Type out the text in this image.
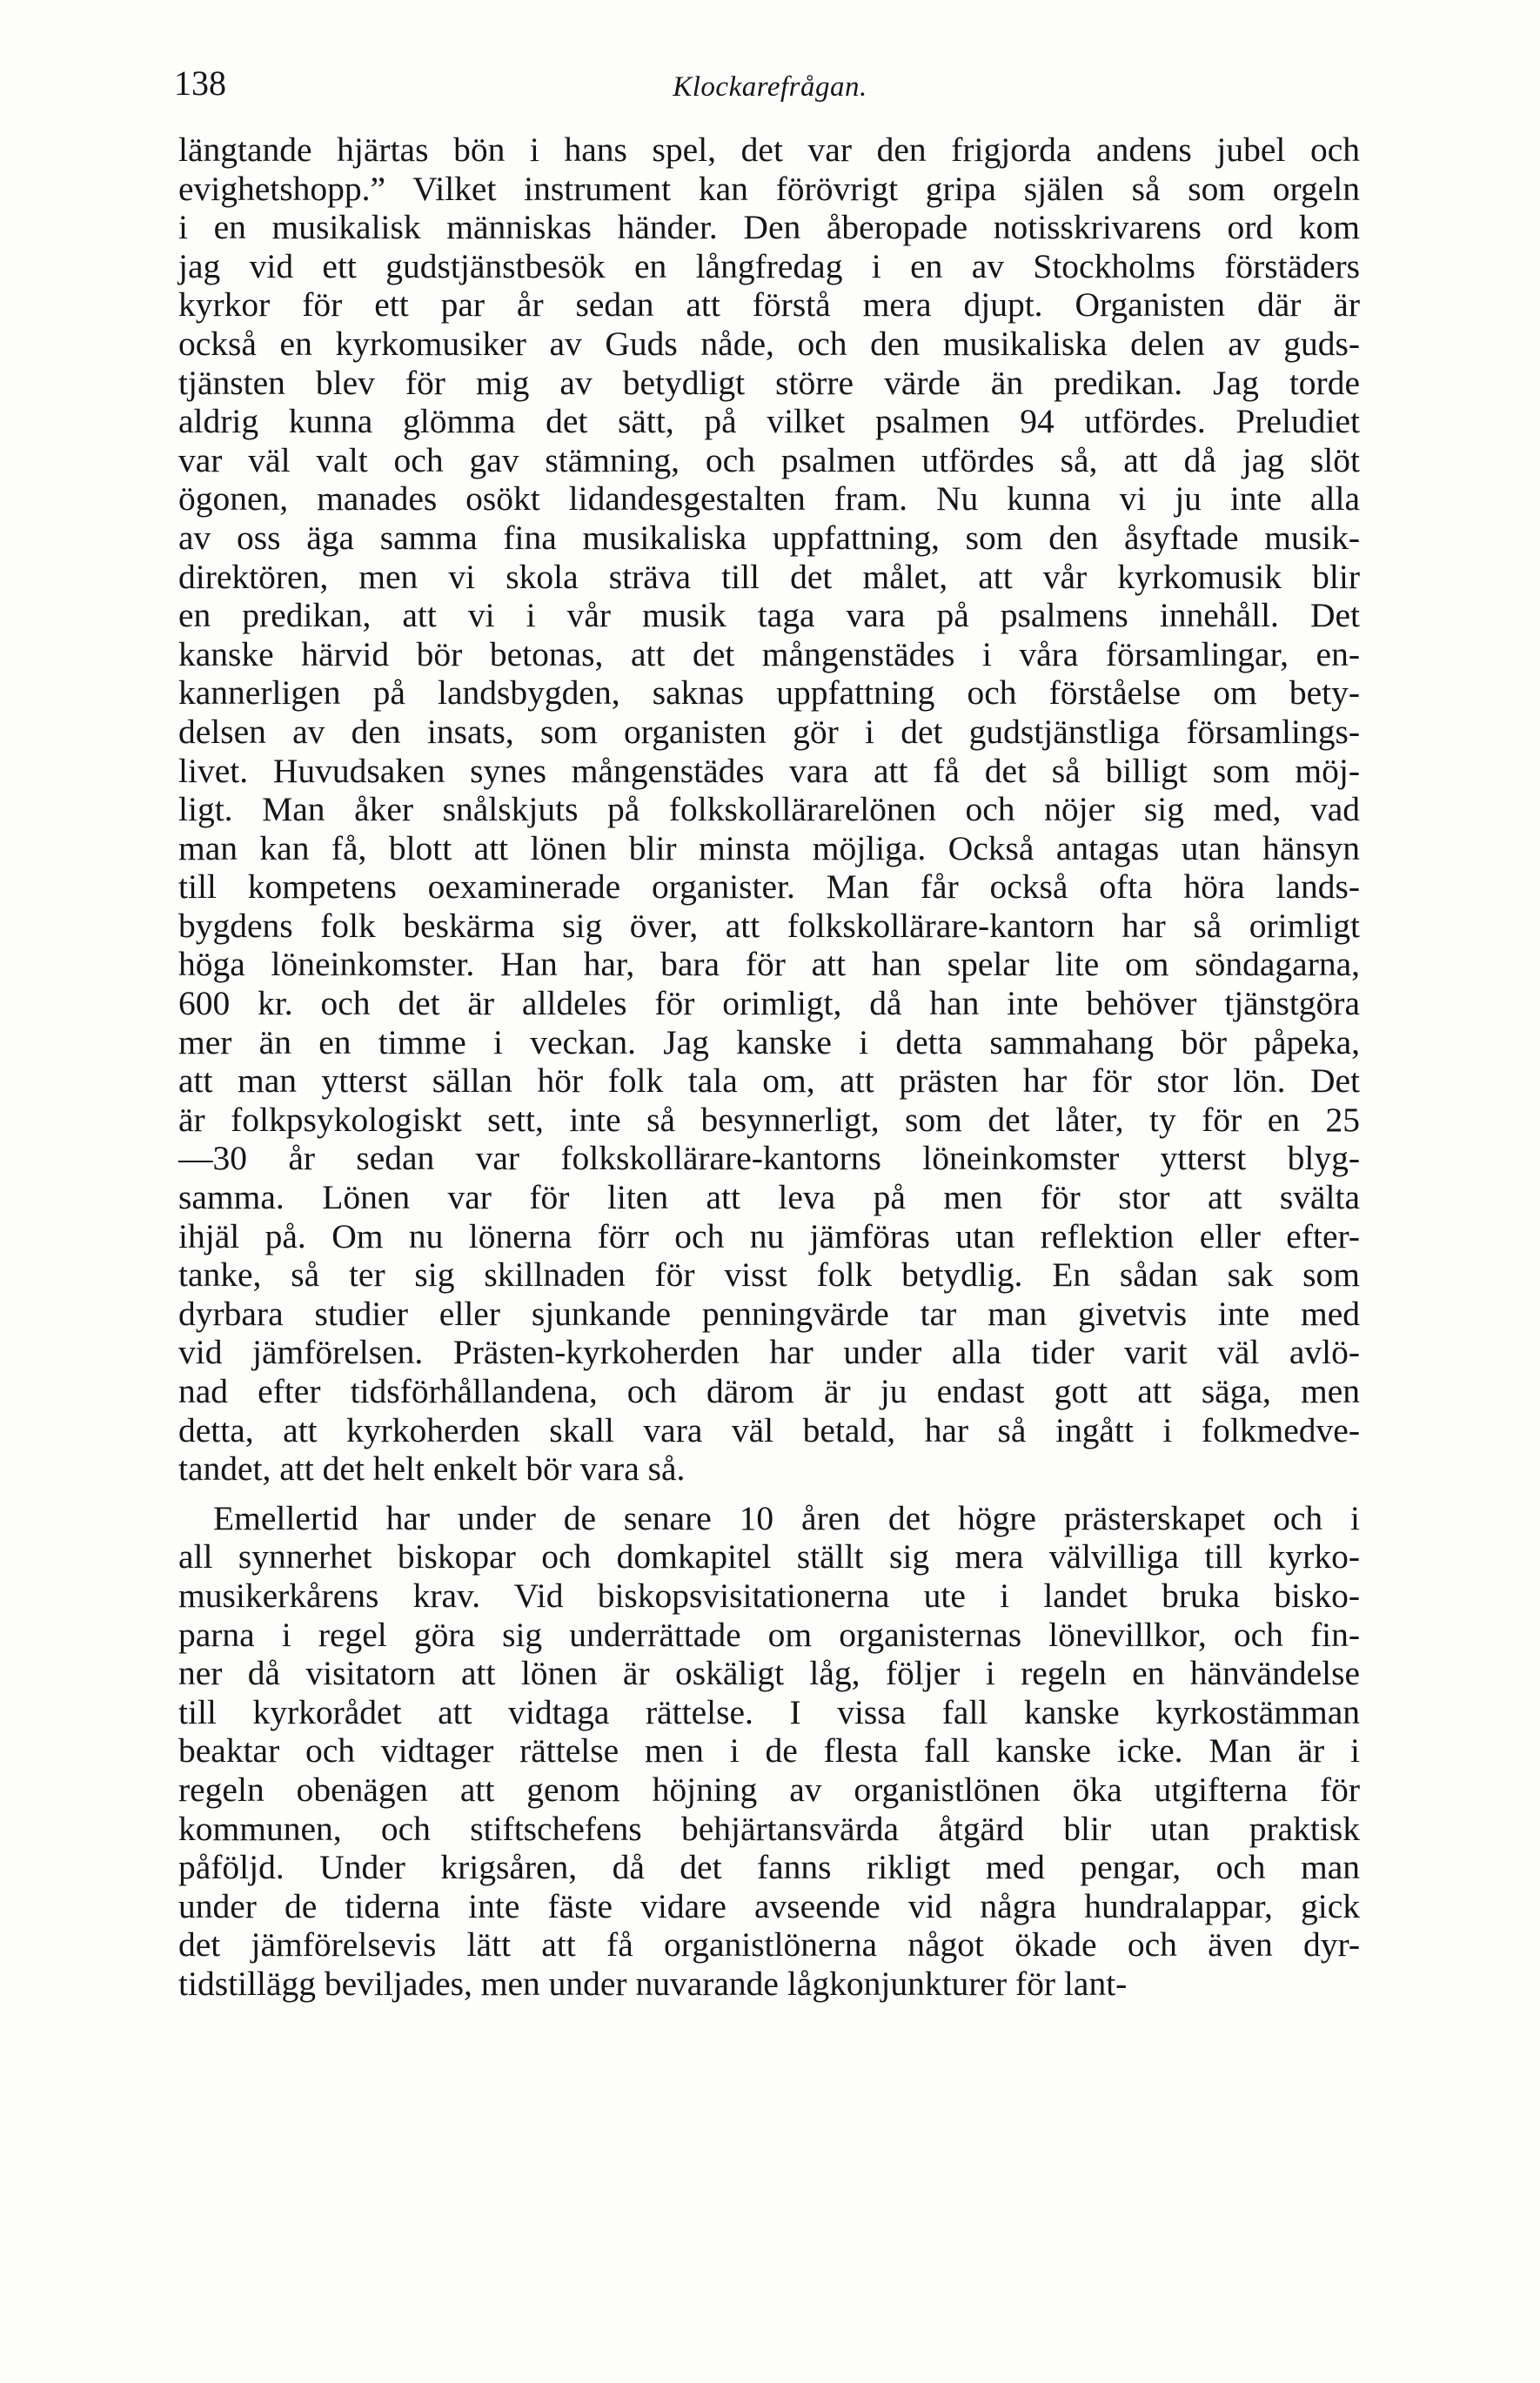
138	Klockarefrågan.
längtande hjärtas bön i hans spel, det var den frigjorda andens jubel och
evighetshopp.” Vilket instrument kan förövrigt gripa själen så som orgeln
i en musikalisk människas händer. Den åberopade notisskrivarens ord kom
jag vid ett gudstjänstbesök en långfredag i en av Stockholms förstäders
kyrkor för ett par år sedan att förstå mera djupt. Organisten där är
också en kyrkomusiker av Guds nåde, och den musikaliska delen av guds-
tjänsten blev för mig av betydligt större värde än predikan. Jag torde
aldrig kunna glömma det sätt, på vilket psalmen 94 utfördes. Preludiet
var väl valt och gav stämning, och psalmen utfördes så, att då jag slöt
ögonen, manades osökt lidandesgestalten fram. Nu kunna vi ju inte alla
av oss äga samma fina musikaliska uppfattning, som den åsyftade musik-
direktören, men vi skola sträva till det målet, att vår kyrkomusik blir
en predikan, att vi i vår musik taga vara på psalmens innehåll. Det
kanske härvid bör betonas, att det mångenstädes i våra församlingar, en-
kannerligen på landsbygden, saknas uppfattning och förståelse om bety-
delsen av den insats, som organisten gör i det gudstjänstliga församlings-
livet. Huvudsaken synes mångenstädes vara att få det så billigt som möj-
ligt. Man åker snålskjuts på folkskollärarelönen och nöjer sig med, vad
man kan få, blott att lönen blir minsta möjliga. Också antagas utan hänsyn
till kompetens oexaminerade organister. Man får också ofta höra lands-
bygdens folk beskärma sig över, att folkskollärare-kantorn har så orimligt
höga löneinkomster. Han har, bara för att han spelar lite om söndagarna,
600 kr. och det är alldeles för orimligt, då han inte behöver tjänstgöra
mer än en timme i veckan. Jag kanske i detta sammahang bör påpeka,
att man ytterst sällan hör folk tala om, att prästen har för stor lön. Det
är folkpsykologiskt sett, inte så besynnerligt, som det låter, ty för en 25
—30 år sedan var folkskollärare-kantorns löneinkomster ytterst blyg-
samma. Lönen var för liten att leva på men för stor att svälta
ihjäl på. Om nu lönerna förr och nu jämföras utan reflektion eller efter-
tanke, så ter sig skillnaden för visst folk betydlig. En sådan sak som
dyrbara studier eller sjunkande penningvärde tar man givetvis inte med
vid jämförelsen. Prästen-kyrkoherden har under alla tider varit väl avlö-
nad efter tidsförhållandena, och därom är ju endast gott att säga, men
detta, att kyrkoherden skall vara väl betald, har så ingått i folkmedve-
tandet, att det helt enkelt bör vara så.
Emellertid har under de senare 10 åren det högre prästerskapet och i
all synnerhet biskopar och domkapitel ställt sig mera välvilliga till kyrko-
musikerkårens krav. Vid biskopsvisitationerna ute i landet bruka bisko-
parna i regel göra sig underrättade om organisternas lönevillkor, och fin-
ner då visitatorn att lönen är oskäligt låg, följer i regeln en hänvändelse
till kyrkorådet att vidtaga rättelse. I vissa fall kanske kyrkostämman
beaktar och vidtager rättelse men i de flesta fall kanske icke. Man är i
regeln obenägen att genom höjning av organistlönen öka utgifterna för
kommunen, och stiftschefens behjärtansvärda åtgärd blir utan praktisk
påföljd. Under krigsåren, då det fanns rikligt med pengar, och man
under de tiderna inte fäste vidare avseende vid några hundralappar, gick
det jämförelsevis lätt att få organistlönerna något ökade och även dyr-
tidstillägg beviljades, men under nuvarande lågkonjunkturer för lant-
